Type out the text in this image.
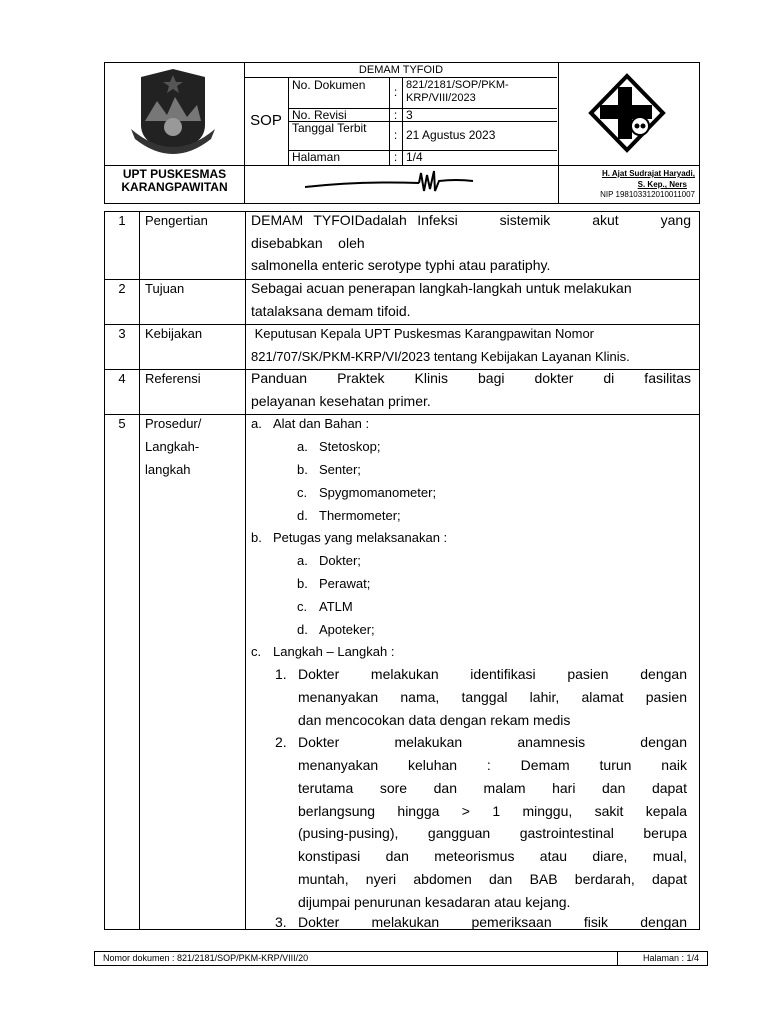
UPT PUSKESMAS
KARANGPAWITAN
DEMAM TYFOID
SOP
No. Dokumen	: 821/2181/SOP/PKM-KRP/VIII/2023
No. Revisi	: 3
Tanggal Terbit	: 21 Agustus 2023
Halaman	: 1/4
H. Ajat Sudrajat Haryadi,
S. Kep., Ners
NIP 198103312010011007
1	Pengertian	DEMAM TYFOIDadalah Infeksi    sistemik    akut    yang
disebabkan    oleh
salmonella enteric serotype typhi atau paratiphy.
2	Tujuan	Sebagai acuan penerapan langkah-langkah untuk melakukan
tatalaksana demam tifoid.
3	Kebijakan	Keputusan Kepala UPT Puskesmas Karangpawitan Nomor
821/707/SK/PKM-KRP/VI/2023 tentang Kebijakan Layanan Klinis.
4	Referensi	Panduan Praktek Klinis bagi dokter di fasilitas
pelayanan kesehatan primer.
5	Prosedur/
Langkah-
langkah
a. Alat dan Bahan :
a. Stetoskop;
b. Senter;
c. Spygmomanometer;
d. Thermometer;
b. Petugas yang melaksanakan :
a. Dokter;
b. Perawat;
c. ATLM
d. Apoteker;
c. Langkah – Langkah :
1. Dokter melakukan identifikasi pasien dengan
menanyakan nama, tanggal lahir, alamat pasien
dan mencocokan data dengan rekam medis
2. Dokter melakukan anamnesis dengan
menanyakan keluhan : Demam turun naik
terutama sore dan malam hari dan dapat
berlangsung hingga > 1 minggu, sakit kepala
(pusing-pusing), gangguan gastrointestinal berupa
konstipasi dan meteorismus atau diare, mual,
muntah, nyeri abdomen dan BAB berdarah, dapat
dijumpai penurunan kesadaran atau kejang.
3. Dokter melakukan pemeriksaan fisik dengan
Nomor dokumen : 821/2181/SOP/PKM-KRP/VIII/20	Halaman : 1/4
